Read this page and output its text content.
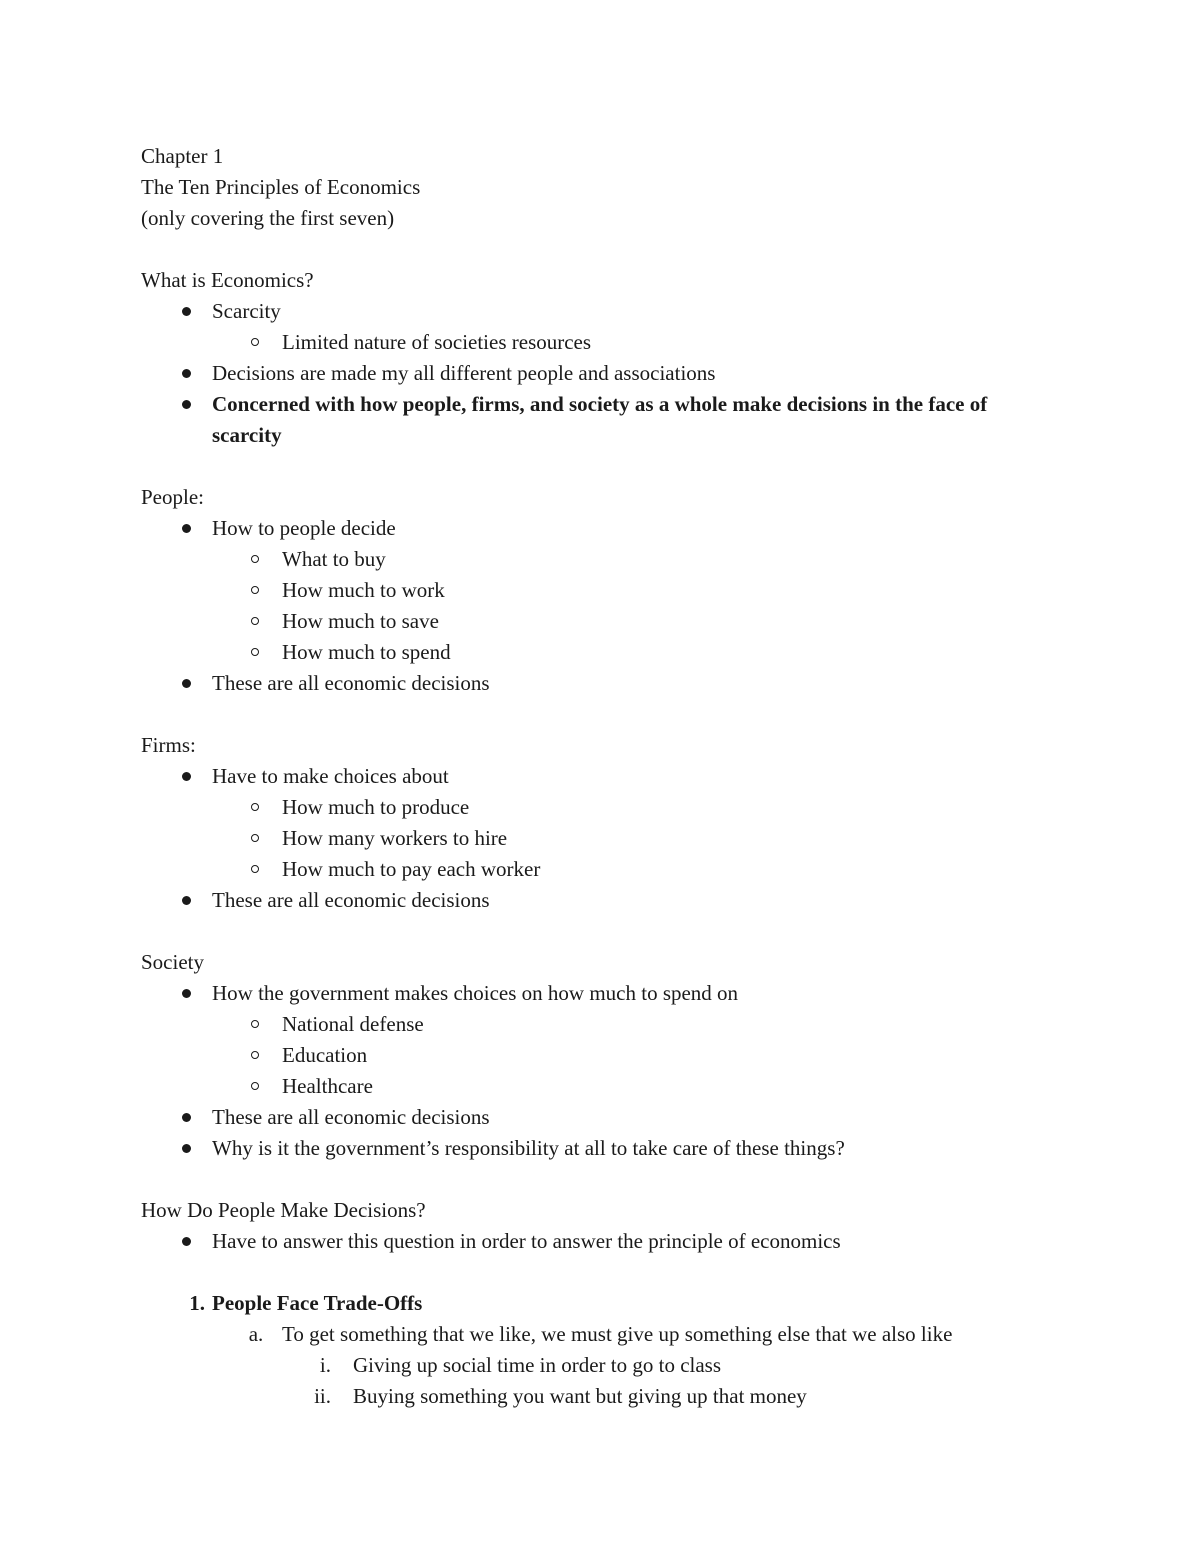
Chapter 1
The Ten Principles of Economics
(only covering the first seven)
What is Economics?
Scarcity
Limited nature of societies resources
Decisions are made my all different people and associations
Concerned with how people, firms, and society as a whole make decisions in the face of scarcity
People:
How to people decide
What to buy
How much to work
How much to save
How much to spend
These are all economic decisions
Firms:
Have to make choices about
How much to produce
How many workers to hire
How much to pay each worker
These are all economic decisions
Society
How the government makes choices on how much to spend on
National defense
Education
Healthcare
These are all economic decisions
Why is it the government’s responsibility at all to take care of these things?
How Do People Make Decisions?
Have to answer this question in order to answer the principle of economics
1. People Face Trade-Offs
a. To get something that we like, we must give up something else that we also like
i. Giving up social time in order to go to class
ii. Buying something you want but giving up that money
